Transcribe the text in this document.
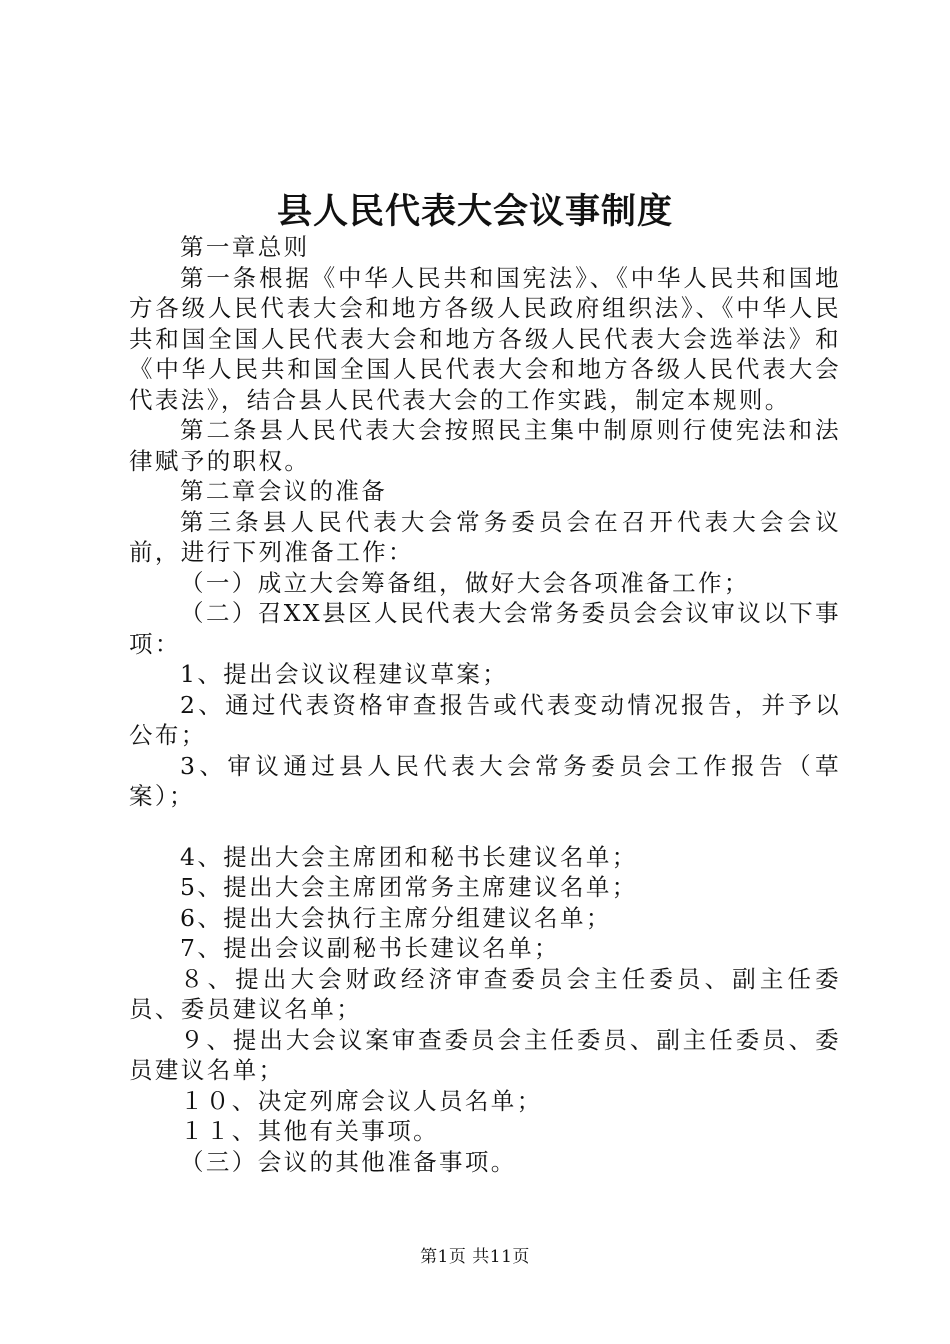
县人民代表大会议事制度

第一章总则

第一条根据《中华人民共和国宪法》、《中华人民共和国地方各级人民代表大会和地方各级人民政府组织法》、《中华人民共和国全国人民代表大会和地方各级人民代表大会选举法》和《中华人民共和国全国人民代表大会和地方各级人民代表大会代表法》，结合县人民代表大会的工作实践，制定本规则。

第二条县人民代表大会按照民主集中制原则行使宪法和法律赋予的职权。

第二章会议的准备

第三条县人民代表大会常务委员会在召开代表大会会议前，进行下列准备工作：

（一）成立大会筹备组，做好大会各项准备工作；

（二）召XX县区人民代表大会常务委员会会议审议以下事项：

1、提出会议议程建议草案；

2、通过代表资格审查报告或代表变动情况报告，并予以公布；

3、审议通过县人民代表大会常务委员会工作报告（草案）；

4、提出大会主席团和秘书长建议名单；

5、提出大会主席团常务主席建议名单；

6、提出大会执行主席分组建议名单；

7、提出会议副秘书长建议名单；

８、提出大会财政经济审查委员会主任委员、副主任委员、委员建议名单；

９、提出大会议案审查委员会主任委员、副主任委员、委员建议名单；

１０、决定列席会议人员名单；

１１、其他有关事项。

（三）会议的其他准备事项。

第1页 共11页
